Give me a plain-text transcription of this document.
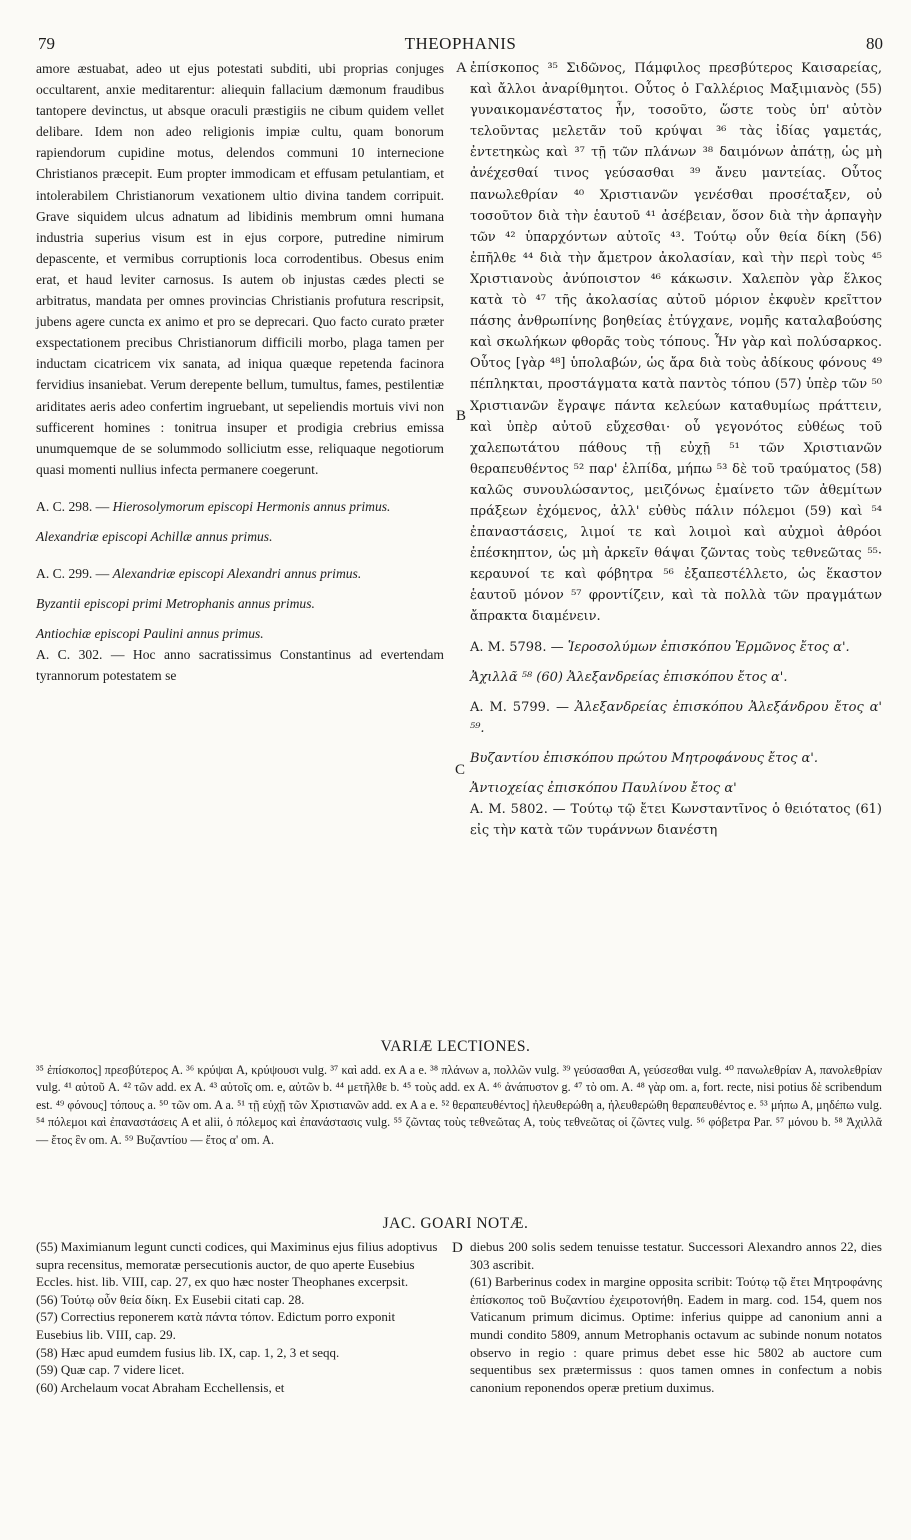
79	THEOPHANIS	80

amore æstuabat, adeo ut ejus potestati subditi, ubi proprias conjuges occultarent, anxie meditarentur: aliequin fallacium dæmonum fraudibus tantopere devinctus, ut absque oraculi præstigiis ne cibum quidem vellet delibare. Idem non adeo religionis impiæ cultu, quam bonorum rapiendorum cupidine motus, delendos communi 10 internecione Christianos præcepit. Eum propter immodicam et effusam petulantiam, et intolerabilem Christianorum vexationem ultio divina tandem corripuit. Grave siquidem ulcus adnatum ad libidinis membrum omni humana industria superius visum est in ejus corpore, putredine nimirum depascente, et vermibus corruptionis loca corrodentibus. Obesus enim erat, et haud leviter carnosus. Is autem ob injustas cædes plecti se arbitratus, mandata per omnes provincias Christianis profutura rescripsit, jubens agere cuncta ex animo et pro se deprecari. Quo facto curato præter exspectationem precibus Christianorum difficili morbo, plaga tamen per inductam cicatricem vix sanata, ad iniqua quæque repetenda facinora fervidius insaniebat. Verum derepente bellum, tumultus, fames, pestilentiæ ariditates aeris adeo confertim ingruebant, ut sepeliendis mortuis vivi non sufficerent homines : tonitrua insuper et prodigia crebrius emissa unumquemque de se solummodo solliciutm esse, reliquaque negotiorum quasi momenti nullius infecta permanere coegerunt.

A. C. 298. — Hierosolymorum episcopi Hermonis annus primus.

Alexandriæ episcopi Achillæ annus primus.

A. C. 299. — Alexandriæ episcopi Alexandri annus primus.

Byzantii episcopi primi Metrophanis annus primus.

Antiochiæ episcopi Paulini annus primus.

A. C. 302. — Hoc anno sacratissimus Constantinus ad evertendam tyrannorum potestatem se

ἐπίσκοπος ³⁵ Σιδῶνος, Πάμφιλος πρεσβύτερος Καισαρείας, καὶ ἄλλοι ἀναρίθμητοι. Οὗτος ὁ Γαλλέριος Μαξιμιανὸς (55) γυναικομανέστατος ἦν, τοσοῦτο, ὥστε τοὺς ὑπ' αὐτὸν τελοῦντας μελετᾶν τοῦ κρύψαι ³⁶ τὰς ἰδίας γαμετάς, ἐντετηκὼς καὶ ³⁷ τῇ τῶν πλάνων ³⁸ δαιμόνων ἀπάτῃ, ὡς μὴ ἀνέχεσθαί τινος γεύσασθαι ³⁹ ἄνευ μαντείας. Οὗτος πανωλεθρίαν ⁴⁰ Χριστιανῶν γενέσθαι προσέταξεν, οὐ τοσοῦτον διὰ τὴν ἑαυτοῦ ⁴¹ ἀσέβειαν, ὅσον διὰ τὴν ἁρπαγὴν τῶν ⁴² ὑπαρχόντων αὐτοῖς ⁴³. Τούτῳ οὖν θεία δίκη (56) ἐπῆλθε ⁴⁴ διὰ τὴν ἄμετρον ἀκολασίαν, καὶ τὴν περὶ τοὺς ⁴⁵ Χριστιανοὺς ἀνύποιστον ⁴⁶ κάκωσιν. Χαλεπὸν γὰρ ἕλκος κατὰ τὸ ⁴⁷ τῆς ἀκολασίας αὐτοῦ μόριον ἐκφυὲν κρεῖττον πάσης ἀνθρωπίνης βοηθείας ἐτύγχανε, νομῆς καταλαβούσης καὶ σκωλήκων φθορᾶς τοὺς τόπους. Ἦν γὰρ καὶ πολύσαρκος. Οὗτος [γὰρ ⁴⁸] ὑπολαβών, ὡς ἄρα διὰ τοὺς ἀδίκους φόνους ⁴⁹ πέπληκται, προστάγματα κατὰ παντὸς τόπου (57) ὑπὲρ τῶν ⁵⁰ Χριστιανῶν ἔγραψε πάντα κελεύων καταθυμίως πράττειν, καὶ ὑπὲρ αὐτοῦ εὔχεσθαι· οὗ γεγονότος εὐθέως τοῦ χαλεπωτάτου πάθους τῇ εὐχῇ ⁵¹ τῶν Χριστιανῶν θεραπευθέντος ⁵² παρ' ἐλπίδα, μήπω ⁵³ δὲ τοῦ τραύματος (58) καλῶς συνουλώσαντος, μειζόνως ἐμαίνετο τῶν ἀθεμίτων πράξεων ἐχόμενος, ἀλλ' εὐθὺς πάλιν πόλεμοι (59) καὶ ⁵⁴ ἐπαναστάσεις, λιμοί τε καὶ λοιμοὶ καὶ αὐχμοὶ ἀθρόοι ἐπέσκηπτον, ὡς μὴ ἀρκεῖν θάψαι ζῶντας τοὺς τεθνεῶτας ⁵⁵· κεραυνοί τε καὶ φόβητρα ⁵⁶ ἐξαπεστέλλετο, ὡς ἕκαστον ἑαυτοῦ μόνον ⁵⁷ φροντίζειν, καὶ τὰ πολλὰ τῶν πραγμάτων ἄπρακτα διαμένειν.

Α. Μ. 5798. — Ἱεροσολύμων ἐπισκόπου Ἑρμῶνος ἔτος α'.

Ἀχιλλᾶ ⁵⁸ (60) Ἀλεξανδρείας ἐπισκόπου ἔτος α'.

Α. Μ. 5799. — Ἀλεξανδρείας ἐπισκόπου Ἀλεξάνδρου ἔτος α' ⁵⁹.

Βυζαντίου ἐπισκόπου πρώτου Μητροφάνους ἔτος α'.

Ἀντιοχείας ἐπισκόπου Παυλίνου ἔτος α'

Α. Μ. 5802. — Τούτῳ τῷ ἔτει Κωνσταντῖνος ὁ θειότατος (61) εἰς τὴν κατὰ τῶν τυράννων διανέστη

A
B
C
D
VARIÆ LECTIONES.
³⁵ ἐπίσκοπος] πρεσβύτερος A. ³⁶ κρύψαι A, κρύψουσι vulg. ³⁷ καὶ add. ex A a e. ³⁸ πλάνων a, πολλῶν vulg. ³⁹ γεύσασθαι A, γεύσεσθαι vulg. ⁴⁰ πανωλεθρίαν A, πανολεθρίαν vulg. ⁴¹ αὐτοῦ A. ⁴² τῶν add. ex A. ⁴³ αὐτοῖς om. e, αὐτῶν b. ⁴⁴ μετῆλθε b. ⁴⁵ τοὺς add. ex A. ⁴⁶ ἀνάπυστον g. ⁴⁷ τὸ om. A. ⁴⁸ γὰρ om. a, fort. recte, nisi potius δὲ scribendum est. ⁴⁹ φόνους] τόπους a. ⁵⁰ τῶν om. A a. ⁵¹ τῇ εὐχῇ τῶν Χριστιανῶν add. ex A a e. ⁵² θεραπευθέντος] ἠλευθερώθη a, ἠλευθερώθη θεραπευθέντος e. ⁵³ μήπω A, μηδέπω vulg. ⁵⁴ πόλεμοι καὶ ἐπαναστάσεις A et alii, ὁ πόλεμος καὶ ἐπανάστασις vulg. ⁵⁵ ζῶντας τοὺς τεθνεῶτας A, τοὺς τεθνεῶτας οἱ ζῶντες vulg. ⁵⁶ φόβετρα Par. ⁵⁷ μόνου b. ⁵⁸ Ἀχιλλᾶ — ἔτος ἓν om. A. ⁵⁹ Βυζαντίου — ἔτος α' om. A.
JAC. GOARI NOTÆ.

(55) Maximianum legunt cuncti codices, qui Maximinus ejus filius adoptivus supra recensitus, memoratæ persecutionis auctor, de quo aperte Eusebius Eccles. hist. lib. VIII, cap. 27, ex quo hæc noster Theophanes excerpsit.

(56) Τούτῳ οὖν θεία δίκη. Ex Eusebii citati cap. 28.

(57) Correctius reponerem κατὰ πάντα τόπον. Edictum porro exponit Eusebius lib. VIII, cap. 29.

(58) Hæc apud eumdem fusius lib. IX, cap. 1, 2, 3 et seqq.

(59) Quæ cap. 7 videre licet.

(60) Archelaum vocat Abraham Ecchellensis, et

diebus 200 solis sedem tenuisse testatur. Successori Alexandro annos 22, dies 303 ascribit.

(61) Barberinus codex in margine opposita scribit: Τούτῳ τῷ ἔτει Μητροφάνης ἐπίσκοπος τοῦ Βυζαντίου ἐχειροτονήθη. Eadem in marg. cod. 154, quem nos Vaticanum primum dicimus. Optime: inferius quippe ad canonium anni a mundi condito 5809, annum Metrophanis octavum ac subinde nonum notatos observo in regio : quare primus debet esse hic 5802 ab auctore cum sequentibus sex prætermissus : quos tamen omnes in confectum a nobis canonium reponendos operæ pretium duximus.
